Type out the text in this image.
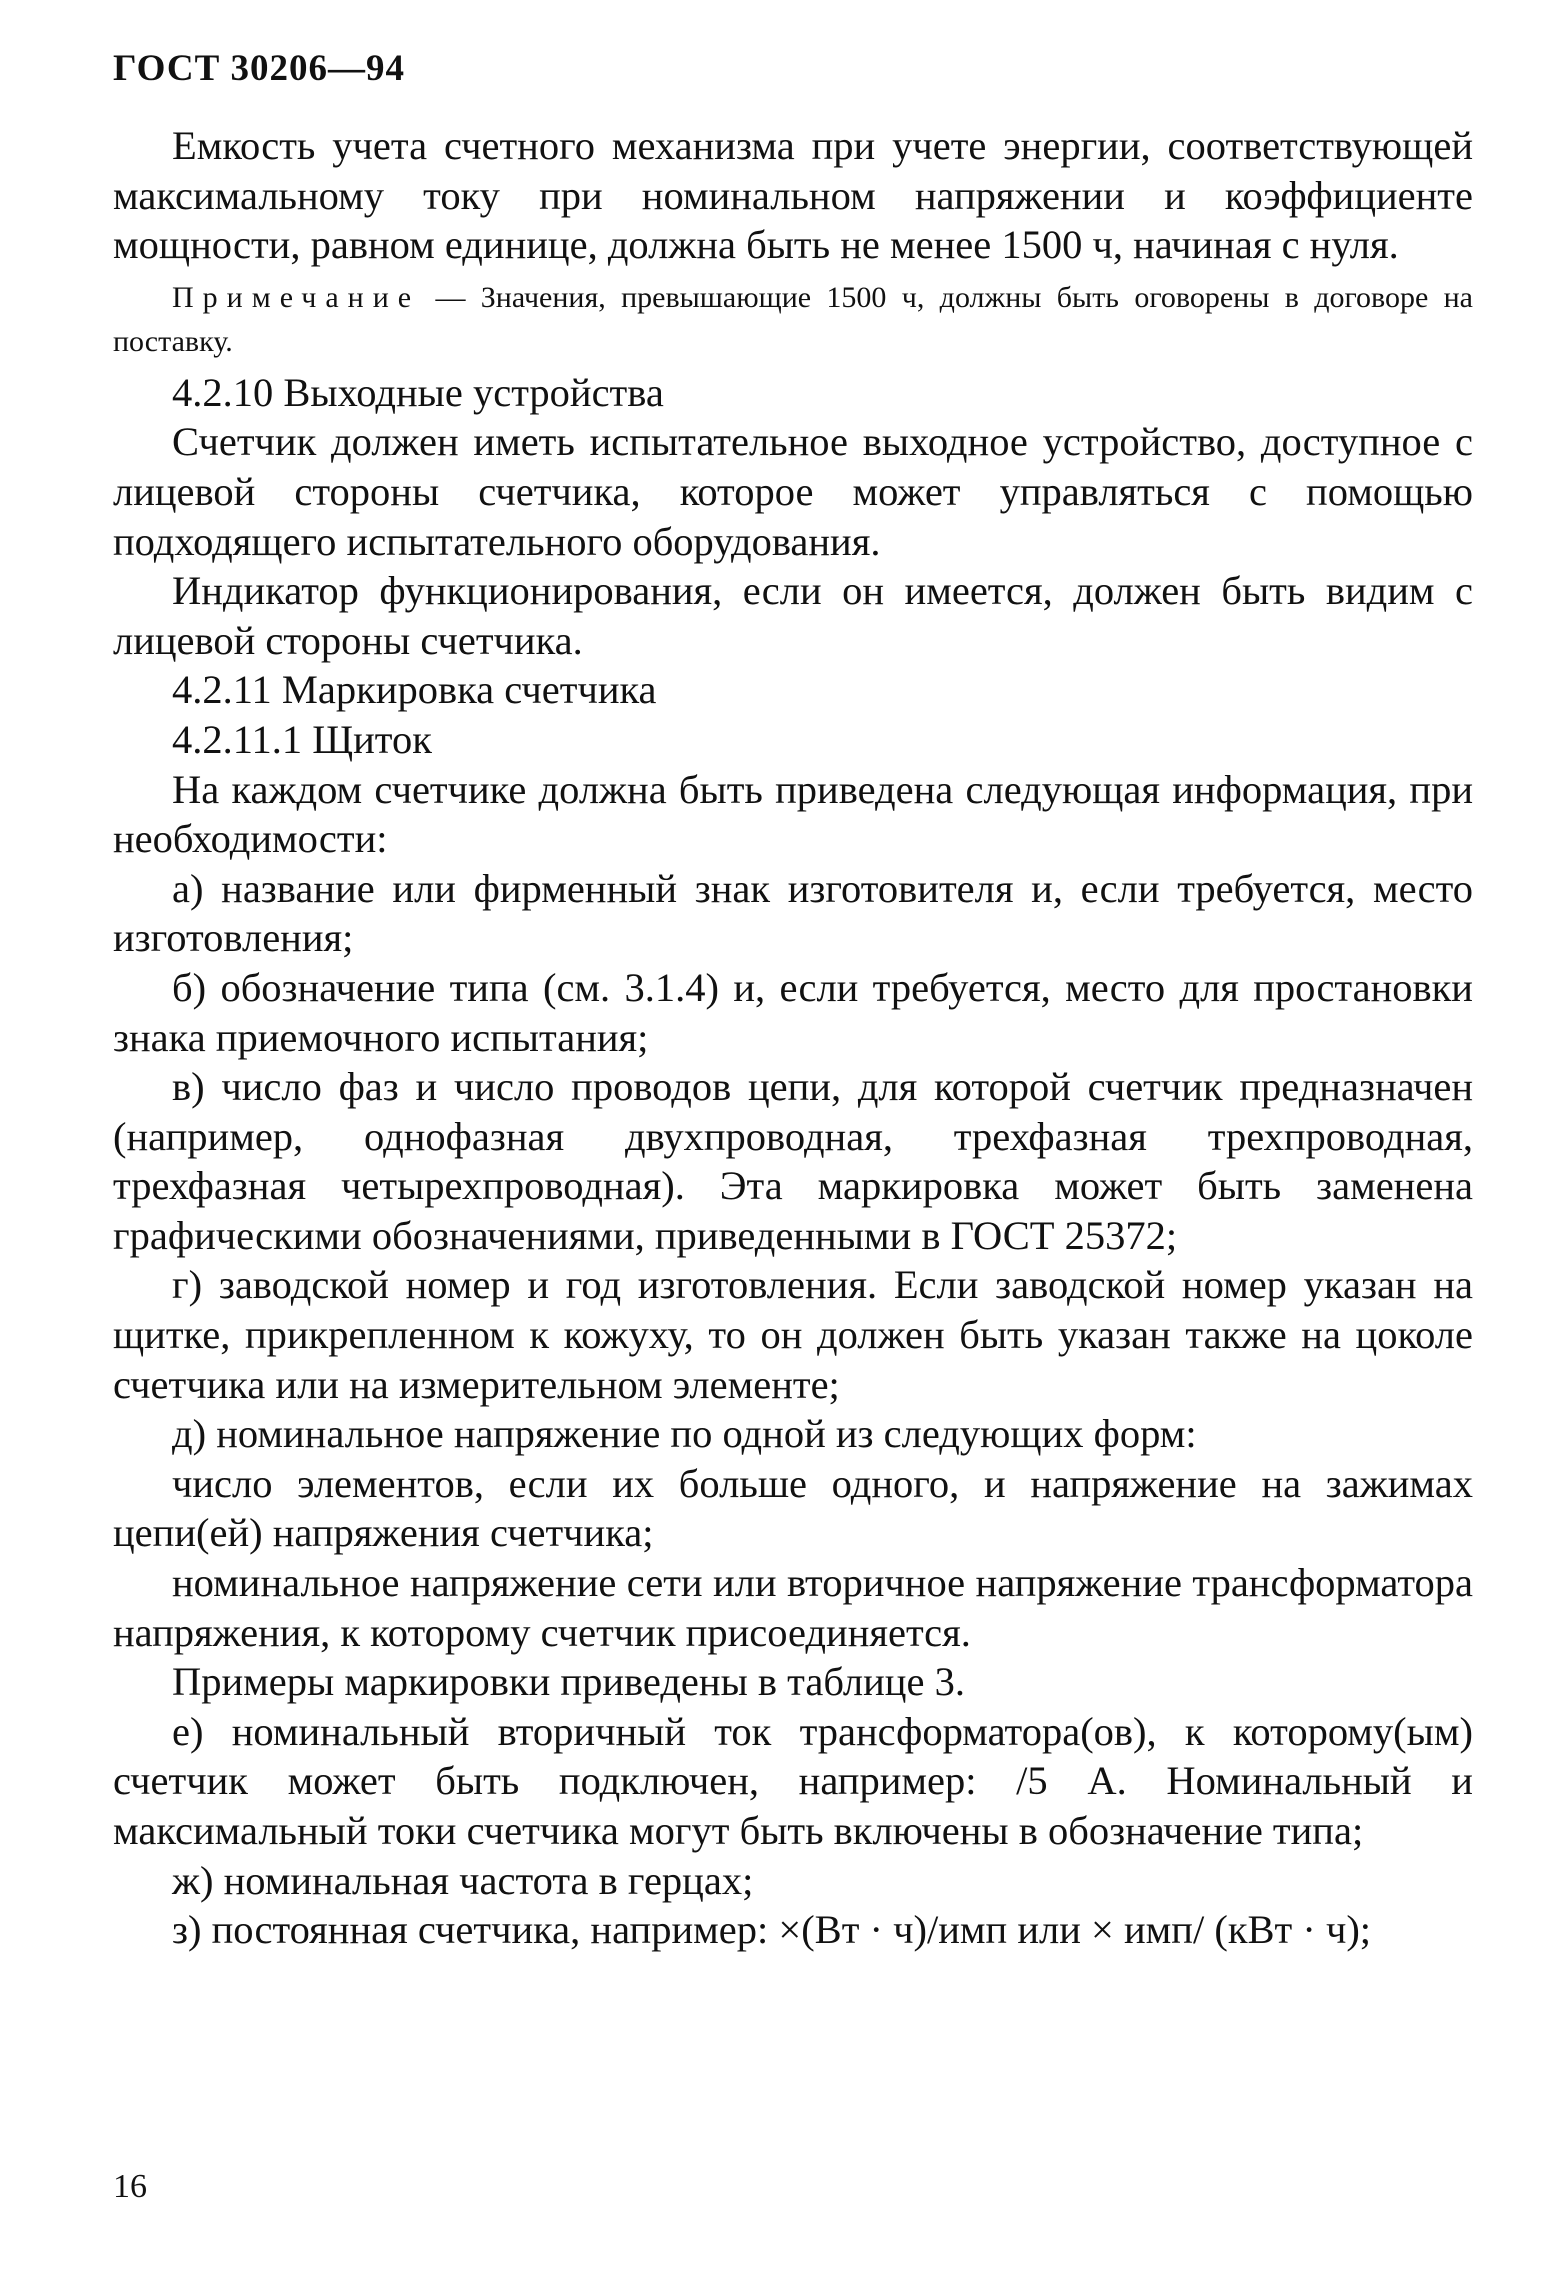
ГОСТ 30206—94

Емкость учета счетного механизма при учете энергии, соответствующей максимальному току при номинальном напряжении и коэффициенте мощности, равном единице, должна быть не менее 1500 ч, начиная с нуля.

Примечание — Значения, превышающие 1500 ч, должны быть оговорены в договоре на поставку.

4.2.10 Выходные устройства

Счетчик должен иметь испытательное выходное устройство, доступное с лицевой стороны счетчика, которое может управляться с помощью подходящего испытательного оборудования.

Индикатор функционирования, если он имеется, должен быть видим с лицевой стороны счетчика.

4.2.11 Маркировка счетчика

4.2.11.1 Щиток

На каждом счетчике должна быть приведена следующая информация, при необходимости:

а) название или фирменный знак изготовителя и, если требуется, место изготовления;

б) обозначение типа (см. 3.1.4) и, если требуется, место для простановки знака приемочного испытания;

в) число фаз и число проводов цепи, для которой счетчик предназначен (например, однофазная двухпроводная, трехфазная трехпроводная, трехфазная четырехпроводная). Эта маркировка может быть заменена графическими обозначениями, приведенными в ГОСТ 25372;

г) заводской номер и год изготовления. Если заводской номер указан на щитке, прикрепленном к кожуху, то он должен быть указан также на цоколе счетчика или на измерительном элементе;

д) номинальное напряжение по одной из следующих форм:

число элементов, если их больше одного, и напряжение на зажимах цепи(ей) напряжения счетчика;

номинальное напряжение сети или вторичное напряжение трансформатора напряжения, к которому счетчик присоединяется.

Примеры маркировки приведены в таблице 3.

е) номинальный вторичный ток трансформатора(ов), к которому(ым) счетчик может быть подключен, например: /5 А. Номинальный и максимальный токи счетчика могут быть включены в обозначение типа;

ж) номинальная частота в герцах;

з) постоянная счетчика, например: ×(Вт · ч)/имп или × имп/ (кВт · ч);

16
